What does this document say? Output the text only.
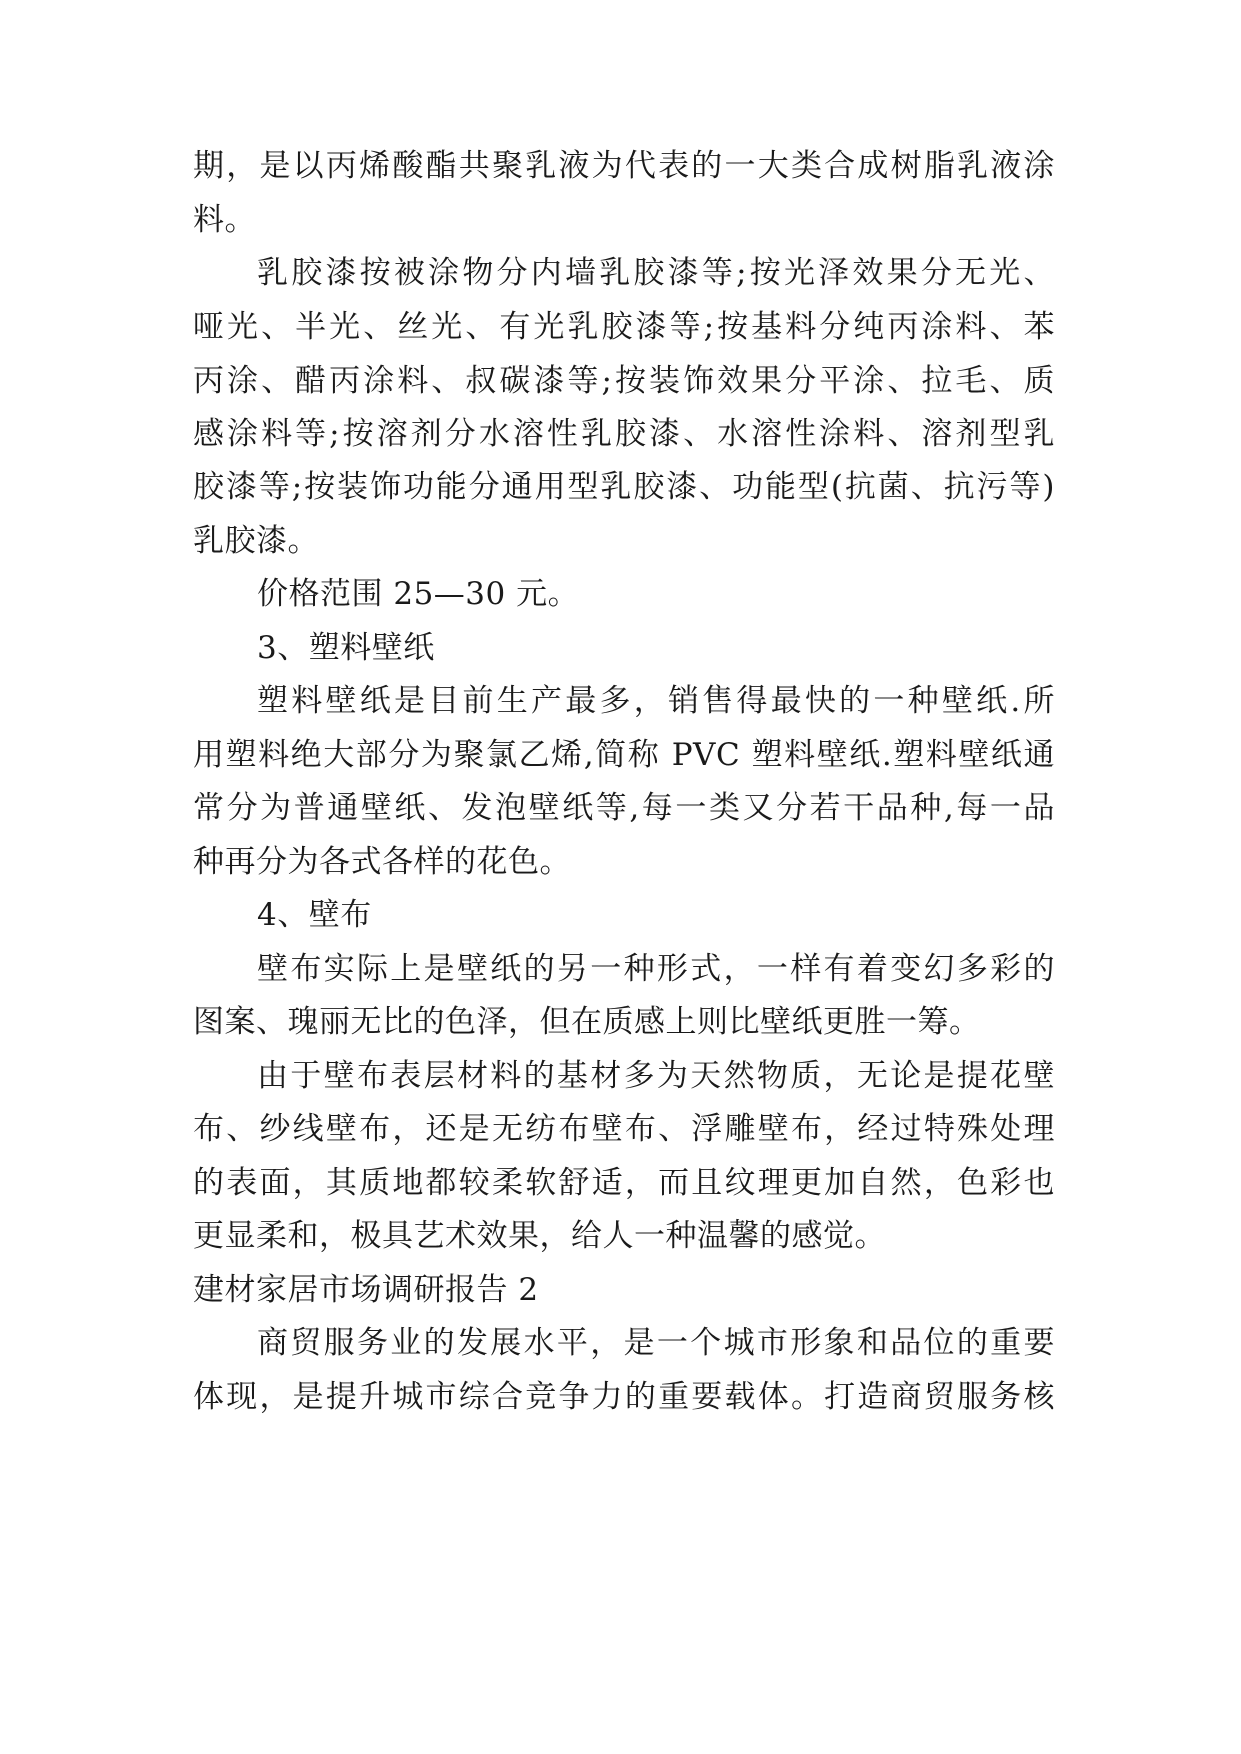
期，是以丙烯酸酯共聚乳液为代表的一大类合成树脂乳液涂

料。

乳胶漆按被涂物分内墙乳胶漆等;按光泽效果分无光、

哑光、半光、丝光、有光乳胶漆等;按基料分纯丙涂料、苯

丙涂、醋丙涂料、叔碳漆等;按装饰效果分平涂、拉毛、质

感涂料等;按溶剂分水溶性乳胶漆、水溶性涂料、溶剂型乳

胶漆等;按装饰功能分通用型乳胶漆、功能型(抗菌、抗污等)

乳胶漆。

价格范围 25—30 元。

3、塑料壁纸

塑料壁纸是目前生产最多，销售得最快的一种壁纸.所

用塑料绝大部分为聚氯乙烯,简称 PVC 塑料壁纸.塑料壁纸通

常分为普通壁纸、发泡壁纸等,每一类又分若干品种,每一品

种再分为各式各样的花色。

4、壁布

壁布实际上是壁纸的另一种形式，一样有着变幻多彩的

图案、瑰丽无比的色泽，但在质感上则比壁纸更胜一筹。

由于壁布表层材料的基材多为天然物质，无论是提花壁

布、纱线壁布，还是无纺布壁布、浮雕壁布，经过特殊处理

的表面，其质地都较柔软舒适，而且纹理更加自然，色彩也

更显柔和，极具艺术效果，给人一种温馨的感觉。

建材家居市场调研报告 2

商贸服务业的发展水平，是一个城市形象和品位的重要

体现，是提升城市综合竞争力的重要载体。打造商贸服务核
